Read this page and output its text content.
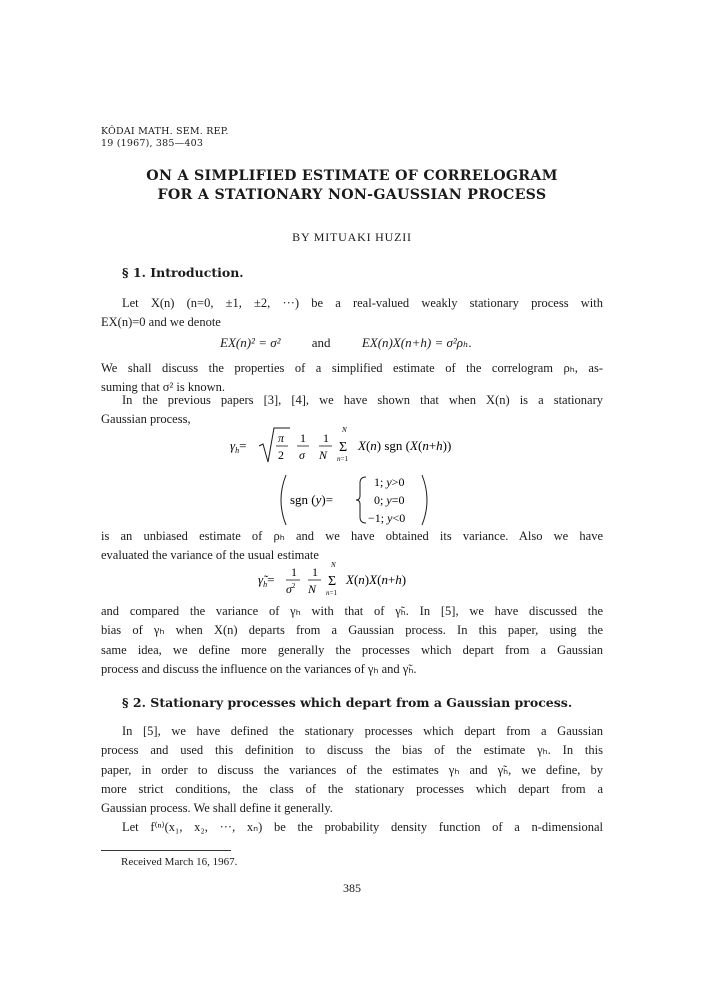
KÔDAI MATH. SEM. REP.
19 (1967), 385—403
ON A SIMPLIFIED ESTIMATE OF CORRELOGRAM
FOR A STATIONARY NON-GAUSSIAN PROCESS
BY MITUAKI HUZII
§ 1. Introduction.
Let X(n) (n=0, ±1, ±2, ···) be a real-valued weakly stationary process with
EX(n)=0 and we denote
EX(n)² = σ² and EX(n)X(n+h) = σ²ρₕ.
We shall discuss the properties of a simplified estimate of the correlogram ρₕ, as-
suming that σ² is known.
In the previous papers [3], [4], we have shown that when X(n) is a stationary
Gaussian process,
$\gamma_h=$	π
2
1
σ
1
N
N
Σ
n=1
X(n) sgn (X(n+h))
sgn (y)=
1; y>0
0; y=0
−1; y<0
is an unbiased estimate of ρₕ and we have obtained its variance. Also we have
evaluated the variance of the usual estimate
$\gammã_h= 1$
$\sigma^2$
1
N
N
Σ
n=1
X(n)X(n+h)
and compared the variance of γₕ with that of γ̃ₕ. In [5], we have discussed the
bias of γₕ when X(n) departs from a Gaussian process. In this paper, using the
same idea, we define more generally the processes which depart from a Gaussian
process and discuss the influence on the variances of γₕ and γ̃ₕ.
§ 2. Stationary processes which depart from a Gaussian process.
In [5], we have defined the stationary processes which depart from a Gaussian
process and used this definition to discuss the bias of the estimate γₕ. In this
paper, in order to discuss the variances of the estimates γₕ and γ̃ₕ, we define, by
more strict conditions, the class of the stationary processes which depart from a
Gaussian process. We shall define it generally.
Let f⁽ⁿ⁾(x₁, x₂, ···, xₙ) be the probability density function of a n-dimensional
Received March 16, 1967.
385
